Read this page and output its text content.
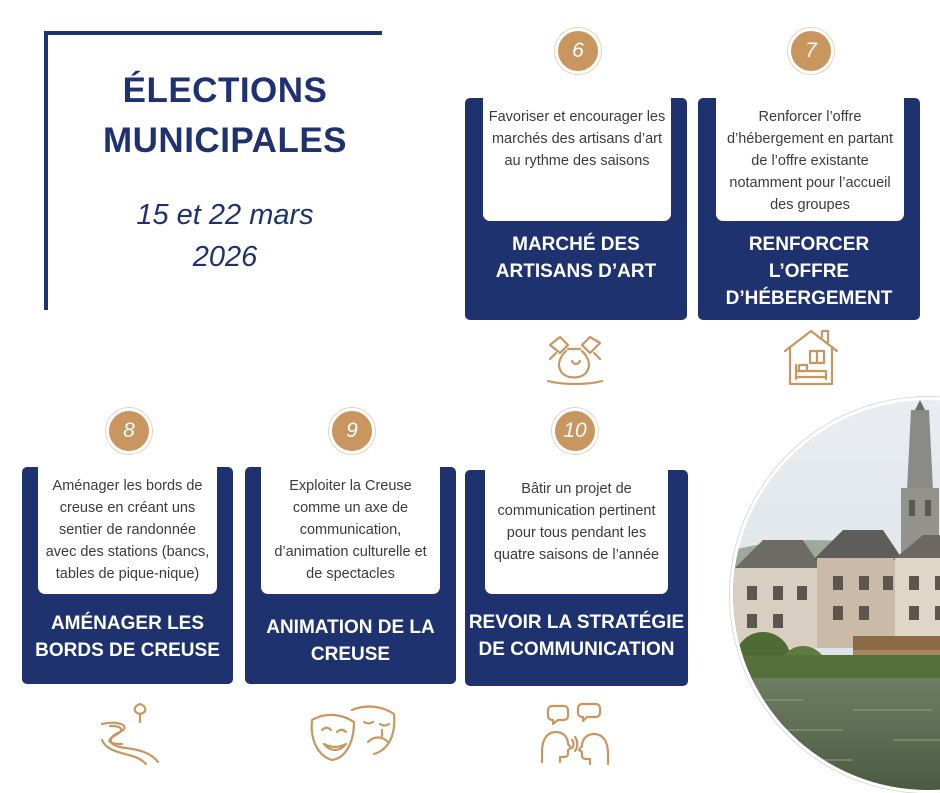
ÉLECTIONS
MUNICIPALES
15 et 22 mars
2026
6
Favoriser et encourager les marchés des artisans d’art au rythme des saisons
MARCHÉ DES
ARTISANS D’ART
7
Renforcer l’offre d’hébergement en partant de l’offre existante notamment pour l’accueil des groupes
RENFORCER
L’OFFRE
D’HÉBERGEMENT
8
Aménager les bords de creuse en créant uns sentier de randonnée avec des stations (bancs, tables de pique-nique)
AMÉNAGER LES
BORDS DE CREUSE
9
Exploiter la Creuse comme un axe de communication, d’animation culturelle et de spectacles
ANIMATION DE LA
CREUSE
10
Bâtir un projet de communication pertinent pour tous pendant les quatre saisons de l’année
REVOIR LA STRATÉGIE
DE COMMUNICATION
